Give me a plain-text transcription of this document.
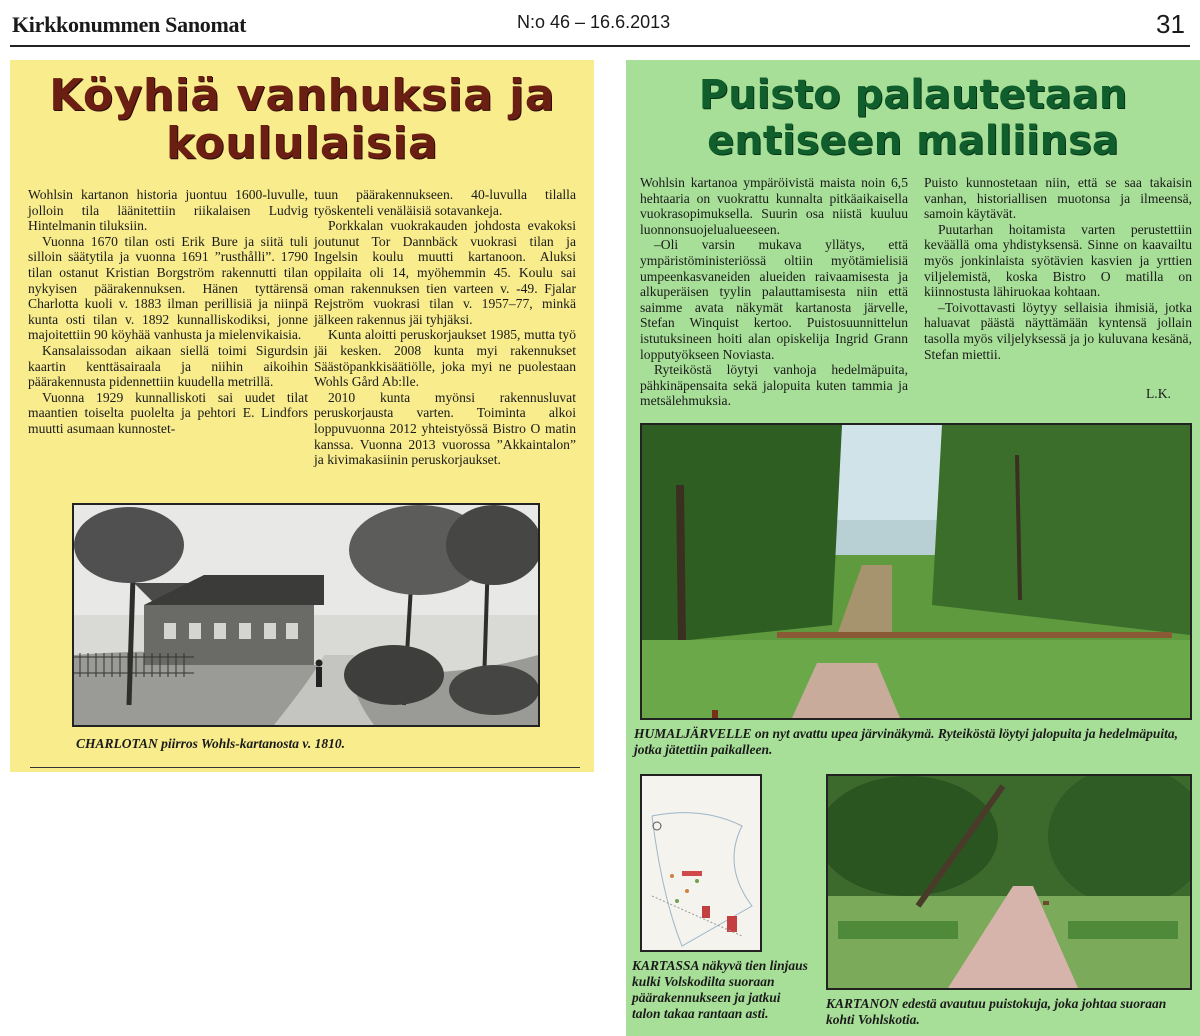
Kirkkonummen Sanomat	N:o 46 – 16.6.2013	31
Köyhiä vanhuksia ja
koululaisia

Wohlsin kartanon historia juontuu 1600-luvulle, jolloin tila läänitettiin riikalaisen Ludvig Hintelmanin tiluksiin.

Vuonna 1670 tilan osti Erik Bure ja siitä tuli silloin säätytila ja vuonna 1691 ”rusthålli”. 1790 tilan ostanut Kristian Borgström rakennutti tilan nykyisen päärakennuksen. Hänen tyttärensä Charlotta kuoli v. 1883 ilman perillisiä ja niinpä kunta osti tilan v. 1892 kunnalliskodiksi, jonne majoitettiin 90 köyhää vanhusta ja mielenvikaisia.

Kansalaissodan aikaan siellä toimi Sigurdsin kaartin kenttäsairaala ja niihin aikoihin päärakennusta pidennettiin kuudella metrillä.

Vuonna 1929 kunnalliskoti sai uudet tilat maantien toiselta puolelta ja pehtori E. Lindfors muutti asumaan kunnostet-

tuun päärakennukseen. 40-luvulla tilalla työskenteli venäläisiä sotavankeja.

Porkkalan vuokrakauden johdosta evakoksi joutunut Tor Dannbäck vuokrasi tilan ja Ingelsin koulu muutti kartanoon. Aluksi oppilaita oli 14, myöhemmin 45. Koulu sai oman rakennuksen tien varteen v. -49. Fjalar Rejström vuokrasi tilan v. 1957–77, minkä jälkeen rakennus jäi tyhjäksi.

Kunta aloitti peruskorjaukset 1985, mutta työ jäi kesken. 2008 kunta myi rakennukset Säästöpankkisäätiölle, joka myi ne puolestaan Wohls Gård Ab:lle.

2010 kunta myönsi rakennusluvat peruskorjausta varten. Toiminta alkoi loppuvuonna 2012 yhteistyössä Bistro O matin kanssa. Vuonna 2013 vuorossa ”Akkaintalon” ja kivimakasiinin peruskorjaukset.

CHARLOTAN piirros Wohls-kartanosta v. 1810.
Puisto palautetaan
entiseen malliinsa

Wohlsin kartanoa ympäröivistä maista noin 6,5 hehtaaria on vuokrattu kunnalta pitkäaikaisella vuokrasopimuksella. Suurin osa niistä kuuluu luonnonsuojelualueeseen.

–Oli varsin mukava yllätys, että ympäristöministeriössä oltiin myötämielisiä umpeenkasvaneiden alueiden raivaamisesta ja alkuperäisen tyylin palauttamisesta niin että saimme avata näkymät kartanosta järvelle, Stefan Winquist kertoo. Puistosuunnittelun istutuksineen hoiti alan opiskelija Ingrid Grann lopputyökseen Noviasta.

Ryteiköstä löytyi vanhoja hedelmäpuita, pähkinäpensaita sekä jalopuita kuten tammia ja metsälehmuksia.

Puisto kunnostetaan niin, että se saa takaisin vanhan, historiallisen muotonsa ja ilmeensä, samoin käytävät.

Puutarhan hoitamista varten perustettiin keväällä oma yhdistyksensä. Sinne on kaavailtu myös jonkinlaista syötävien kasvien ja yrttien viljelemistä, koska Bistro O matilla on kiinnostusta lähiruokaa kohtaan.

–Toivottavasti löytyy sellaisia ihmisiä, jotka haluavat päästä näyttämään kyntensä jollain tasolla myös viljelyksessä ja jo kuluvana kesänä, Stefan miettii.

L.K.
HUMALJÄRVELLE on nyt avattu upea järvinäkymä. Ryteiköstä löytyi jalopuita ja hedelmäpuita, jotka jätettiin paikalleen.
KARTASSA näkyvä tien linjaus kulki Volskodilta suoraan päärakennukseen ja jatkui talon takaa rantaan asti.
KARTANON edestä avautuu puistokuja, joka johtaa suoraan kohti Vohlskotia.
